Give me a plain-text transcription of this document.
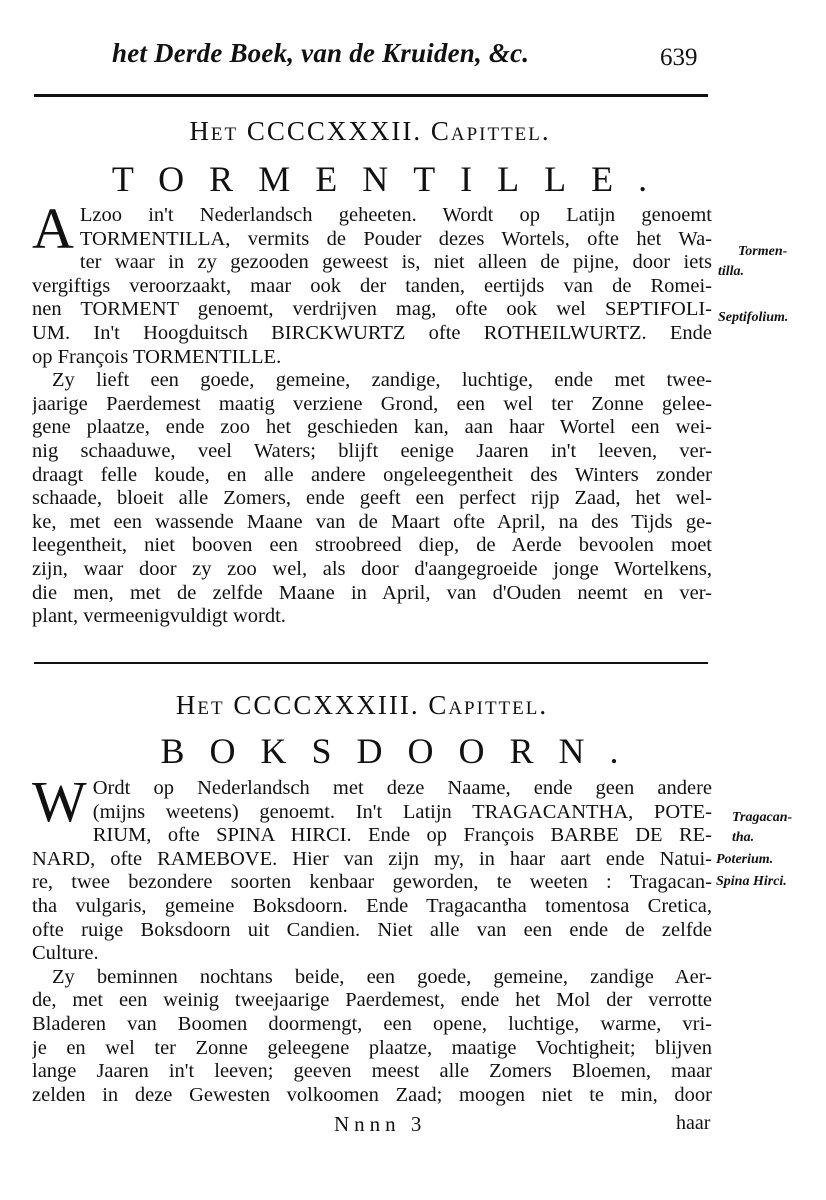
het Derde Boek, van de Kruiden, &c.	639
Het CCCCXXXII. Capittel.
TORMENTILLE.

A Lzoo in't Nederlandsch geheeten. Wordt op Latijn genoemt
TORMENTILLA, vermits de Pouder dezes Wortels, ofte het Wa-
ter waar in zy gezooden geweest is, niet alleen de pijne, door iets
vergiftigs veroorzaakt, maar ook der tanden, eertijds van de Romei-
nen TORMENT genoemt, verdrijven mag, ofte ook wel SEPTIFOLI-
UM. In't Hoogduitsch BIRCKWURTZ ofte ROTHEILWURTZ. Ende
op François TORMENTILLE.

Zy lieft een goede, gemeine, zandige, luchtige, ende met twee-
jaarige Paerdemest maatig verziene Grond, een wel ter Zonne gelee-
gene plaatze, ende zoo het geschieden kan, aan haar Wortel een wei-
nig schaaduwe, veel Waters; blijft eenige Jaaren in't leeven, ver-
draagt felle koude, en alle andere ongeleegentheit des Winters zonder
schaade, bloeit alle Zomers, ende geeft een perfect rijp Zaad, het wel-
ke, met een wassende Maane van de Maart ofte April, na des Tijds ge-
leegentheit, niet booven een stroobreed diep, de Aerde bevoolen moet
zijn, waar door zy zoo wel, als door d'aangegroeide jonge Wortelkens,
die men, met de zelfde Maane in April, van d'Ouden neemt en ver-
plant, vermeenigvuldigt wordt.

Tormen-
tilla.
Septifolium.
Het CCCCXXXIII. Capittel.
BOKSDOORN.

W Ordt op Nederlandsch met deze Naame, ende geen andere
(mijns weetens) genoemt. In't Latijn TRAGACANTHA, POTE-
RIUM, ofte SPINA HIRCI. Ende op François BARBE DE RE-
NARD, ofte RAMEBOVE. Hier van zijn my, in haar aart ende Natui-
re, twee bezondere soorten kenbaar geworden, te weeten : Tragacan-
tha vulgaris, gemeine Boksdoorn. Ende Tragacantha tomentosa Cretica,
ofte ruige Boksdoorn uit Candien. Niet alle van een ende de zelfde
Culture.

Zy beminnen nochtans beide, een goede, gemeine, zandige Aer-
de, met een weinig tweejaarige Paerdemest, ende het Mol der verrotte
Bladeren van Boomen doormengt, een opene, luchtige, warme, vri-
je en wel ter Zonne geleegene plaatze, maatige Vochtigheit; blijven
lange Jaaren in't leeven; geeven meest alle Zomers Bloemen, maar
zelden in deze Gewesten volkoomen Zaad; moogen niet te min, door

Tragacan-
tha.
Poterium.
Spina Hirci.
Nnnn 3	haar
